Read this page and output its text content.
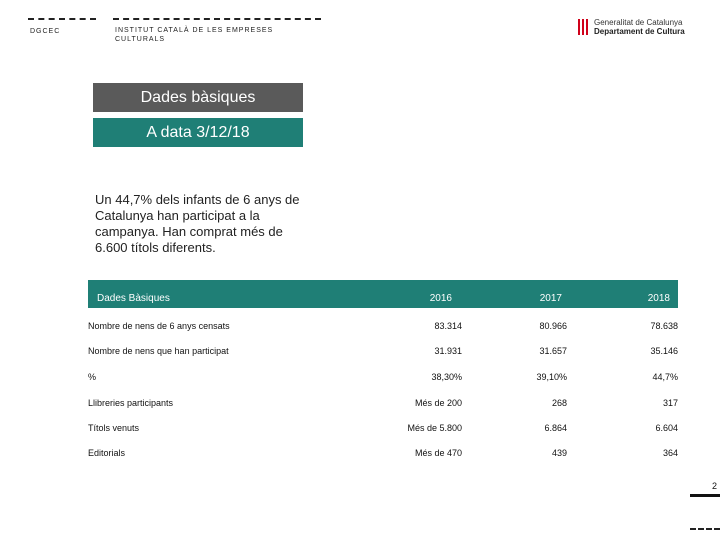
DGCEC	INSTITUT CATALÀ DE LES EMPRESES
CULTURALS
Generalitat de Catalunya
Departament de Cultura
Dades bàsiques
A data 3/12/18
Un 44,7% dels infants de 6 anys de Catalunya han participat a la campanya. Han comprat més de 6.600 títols diferents.
Dades Bàsiques	2016	2017	2018
Nombre de nens de 6 anys censats	83.314	80.966	78.638
Nombre de nens que han participat	31.931	31.657	35.146
%	38,30%	39,10%	44,7%
Llibreries participants	Més de 200	268	317
Títols venuts	Més de 5.800	6.864	6.604
Editorials	Més de 470	439	364
2
